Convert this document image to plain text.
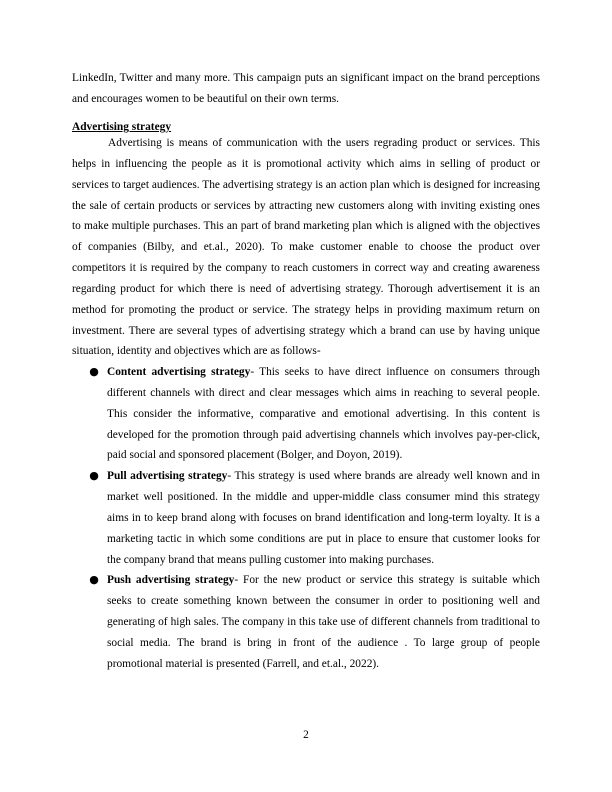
LinkedIn, Twitter and many more. This campaign puts an significant impact on the brand perceptions and encourages women to be beautiful on their own terms.

Advertising strategy

Advertising is means of communication with the users regrading product or services. This helps in influencing the people as it is promotional activity which aims in selling of product or services to target audiences. The advertising strategy is an action plan which is designed for increasing the sale of certain products or services by attracting new customers along with inviting existing ones to make multiple purchases. This an part of brand marketing plan which is aligned with the objectives of companies (Bilby, and et.al., 2020). To make customer enable to choose the product over competitors it is required by the company to reach customers in correct way and creating awareness regarding product for which there is need of advertising strategy. Thorough advertisement it is an method for promoting the product or service. The strategy helps in providing maximum return on investment. There are several types of advertising strategy which a brand can use by having unique situation, identity and objectives which are as follows-

● Content advertising strategy- This seeks to have direct influence on consumers through different channels with direct and clear messages which aims in reaching to several people. This consider the informative, comparative and emotional advertising. In this content is developed for the promotion through paid advertising channels which involves pay-per-click, paid social and sponsored placement (Bolger, and Doyon, 2019).
● Pull advertising strategy- This strategy is used where brands are already well known and in market well positioned. In the middle and upper-middle class consumer mind this strategy aims in to keep brand along with focuses on brand identification and long-term loyalty. It is a marketing tactic in which some conditions are put in place to ensure that customer looks for the company brand that means pulling customer into making purchases.
● Push advertising strategy- For the new product or service this strategy is suitable which seeks to create something known between the consumer in order to positioning well and generating of high sales. The company in this take use of different channels from traditional to social media. The brand is bring in front of the audience . To large group of people promotional material is presented (Farrell, and et.al., 2022).
2
